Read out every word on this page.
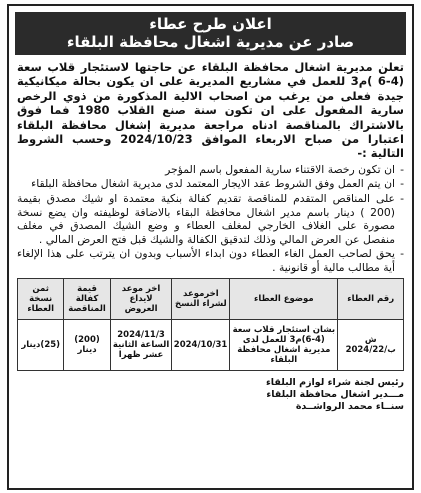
اعلان طرح عطاء
صادر عن مديرية اشغال محافظة البلقاء

تعلن مديرية اشغال محافظة البلقاء عن حاجتها لاستئجار قلاب سعة (4-6 )م3 للعمل في مشاريع المديرية على ان يكون بحالة ميكانيكية جيدة فعلى من يرغب من اصحاب الالية المذكورة من ذوي الرخص سارية المفعول على ان تكون سنة صنع القلاب 1980 فما فوق بالاشتراك بالمناقصة ادناه مراجعة مديرية إشغال محافظة البلقاء اعتبارا من صباح الاربعاء الموافق 2024/10/23 وحسب الشروط التالية :-

- ان تكون رخصة الاقتناء سارية المفعول باسم المؤجر
- ان يتم العمل وفق الشروط عقد الايجار المعتمد لدى مديرية اشغال محافظة البلقاء
- على المناقص المتقدم للمناقصة تقديم كفالة بنكية معتمدة او شيك مصدق بقيمة (200 ) دينار باسم مدير اشغال محافظة البقاء بالاضافة لوظيفته وان يضع نسخة مصورة على الغلاف الخارجي لمغلف العطاء و وضع الشيك المصدق في مغلف منفصل عن العرض المالي وذلك لتدقيق الكفالة والشيك قبل فتح العرض المالي .
- يحق لصاحب العمل الغاء العطاء دون ابداء الأسباب وبدون ان يترتب على هذا الإلغاء أية مطالب مالية أو قانونية .
رقم العطاء	موضوع العطاء	اخرموعد لشراء النسخ	اخر موعد لايداع العروض	قيمة كفالة المناقصة	ثمن نسخة العطاء
ش ب/2024/22	بشان استئجار قلاب سعة (4-6)م3 للعمل لدى مديرية اشغال محافظة البلقاء	2024/10/31	2024/11/3 الساعة الثانية عشر ظهرا	(200) دينار	(25)دينار
رئيس لجنة شراء لوازم البلقاء
مـــدير اشغال محافظة البلقاء
سنــاء محمد الرواشــدة
